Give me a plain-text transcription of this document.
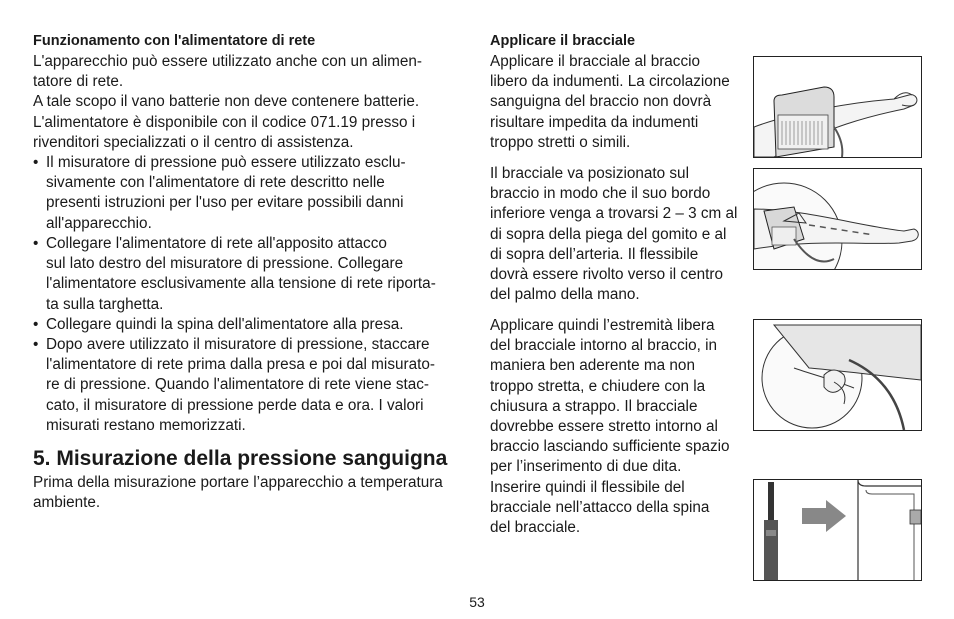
Funzionamento con l'alimentatore di rete
L'apparecchio può essere utilizzato anche con un alimen-
tatore di rete.
A tale scopo il vano batterie non deve contenere batterie.
L'alimentatore è disponibile con il codice 071.19 presso i
rivenditori specializzati o il centro di assistenza.
• Il misuratore di pressione può essere utilizzato esclu-
sivamente con l'alimentatore di rete descritto nelle
presenti istruzioni per l'uso per evitare possibili danni
all'apparecchio.
• Collegare l'alimentatore di rete all'apposito attacco
sul lato destro del misuratore di pressione. Collegare
l'alimentatore esclusivamente alla tensione di rete riporta-
ta sulla targhetta.
• Collegare quindi la spina dell'alimentatore alla presa.
• Dopo avere utilizzato il misuratore di pressione, staccare
l'alimentatore di rete prima dalla presa e poi dal misurato-
re di pressione. Quando l'alimentatore di rete viene stac-
cato, il misuratore di pressione perde data e ora. I valori
misurati restano memorizzati.
5. Misurazione della pressione sanguigna
Prima della misurazione portare l’apparecchio a temperatura
ambiente.
Applicare il bracciale
Applicare il bracciale al braccio
libero da indumenti. La circolazione
sanguigna del braccio non dovrà
risultare impedita da indumenti
troppo stretti o simili.
Il bracciale va posizionato sul
braccio in modo che il suo bordo
inferiore venga a trovarsi 2 – 3 cm al
di sopra della piega del gomito e al
di sopra dell’arteria. Il flessibile
dovrà essere rivolto verso il centro
del palmo della mano.
Applicare quindi l’estremità libera
del bracciale intorno al braccio, in
maniera ben aderente ma non
troppo stretta, e chiudere con la
chiusura a strappo. Il bracciale
dovrebbe essere stretto intorno al
braccio lasciando sufficiente spazio
per l’inserimento di due dita.
Inserire quindi il flessibile del
bracciale nell’attacco della spina
del bracciale.
53
